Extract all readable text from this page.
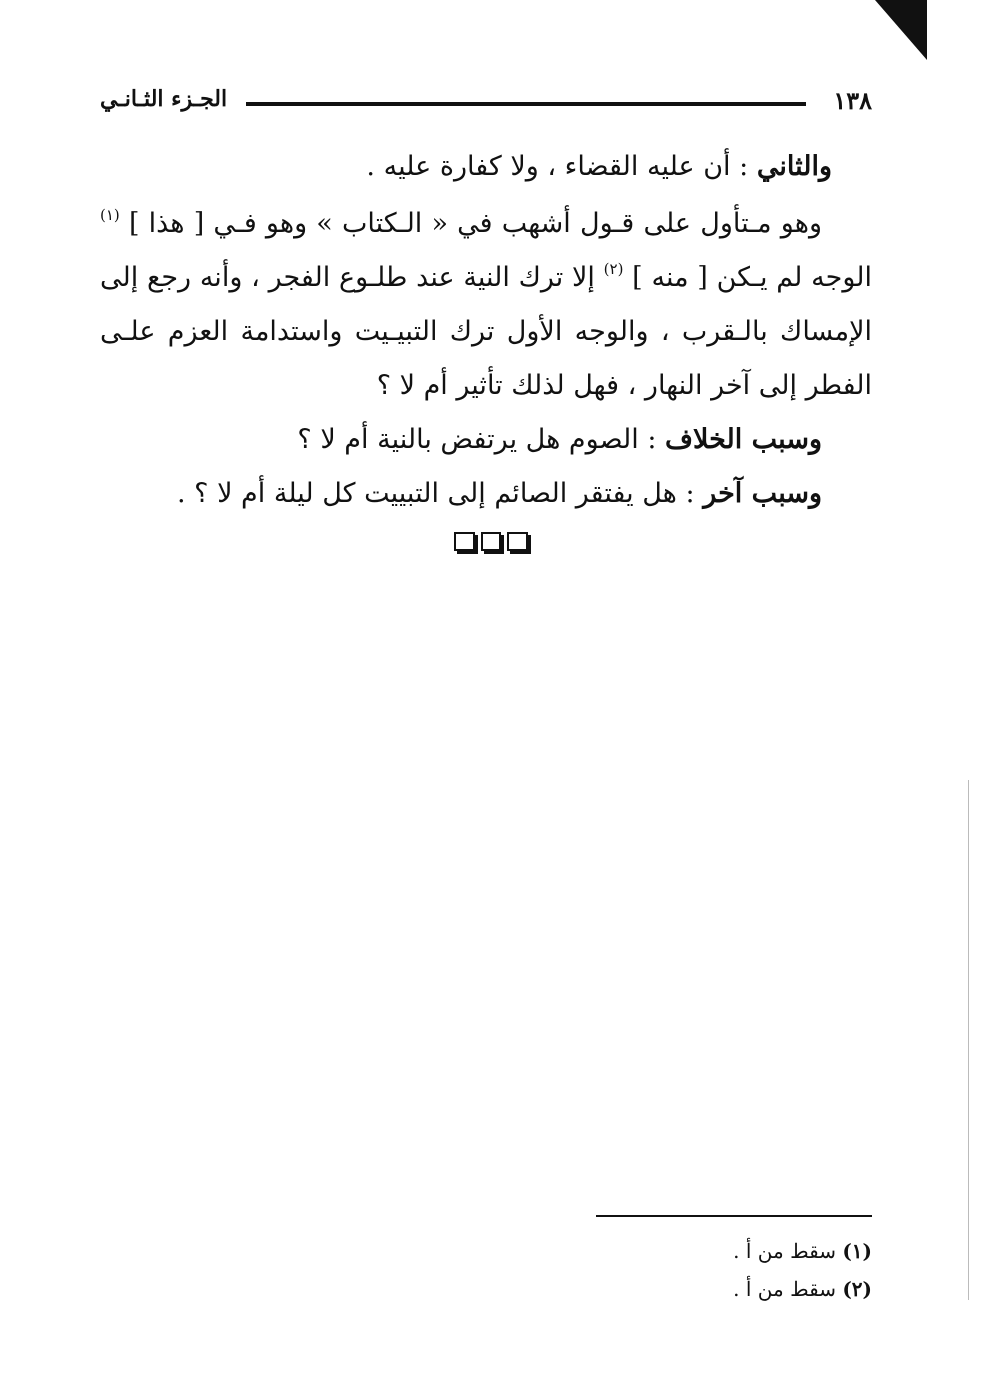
١٣٨
الجـزء الثـانـي

والثاني : أن عليه القضاء ، ولا كفارة عليه .

وهو مـتأول على قـول أشهب في « الـكتاب » وهو فـي [ هذا ] $^{(١)}$ الوجه لم يـكن [ منه ] $^{(٢)}$ إلا ترك النية عند طلـوع الفجر ، وأنه رجع إلى الإمساك بالـقرب ، والوجه الأول ترك التبيـيت واستدامة العزم علـى الفطر إلى آخر النهار ، فهل لذلك تأثير أم لا ؟

وسبب الخلاف : الصوم هل يرتفض بالنية أم لا ؟

وسبب آخر : هل يفتقر الصائم إلى التبييت كل ليلة أم لا ؟ .

(١) سقط من أ .

(٢) سقط من أ .
